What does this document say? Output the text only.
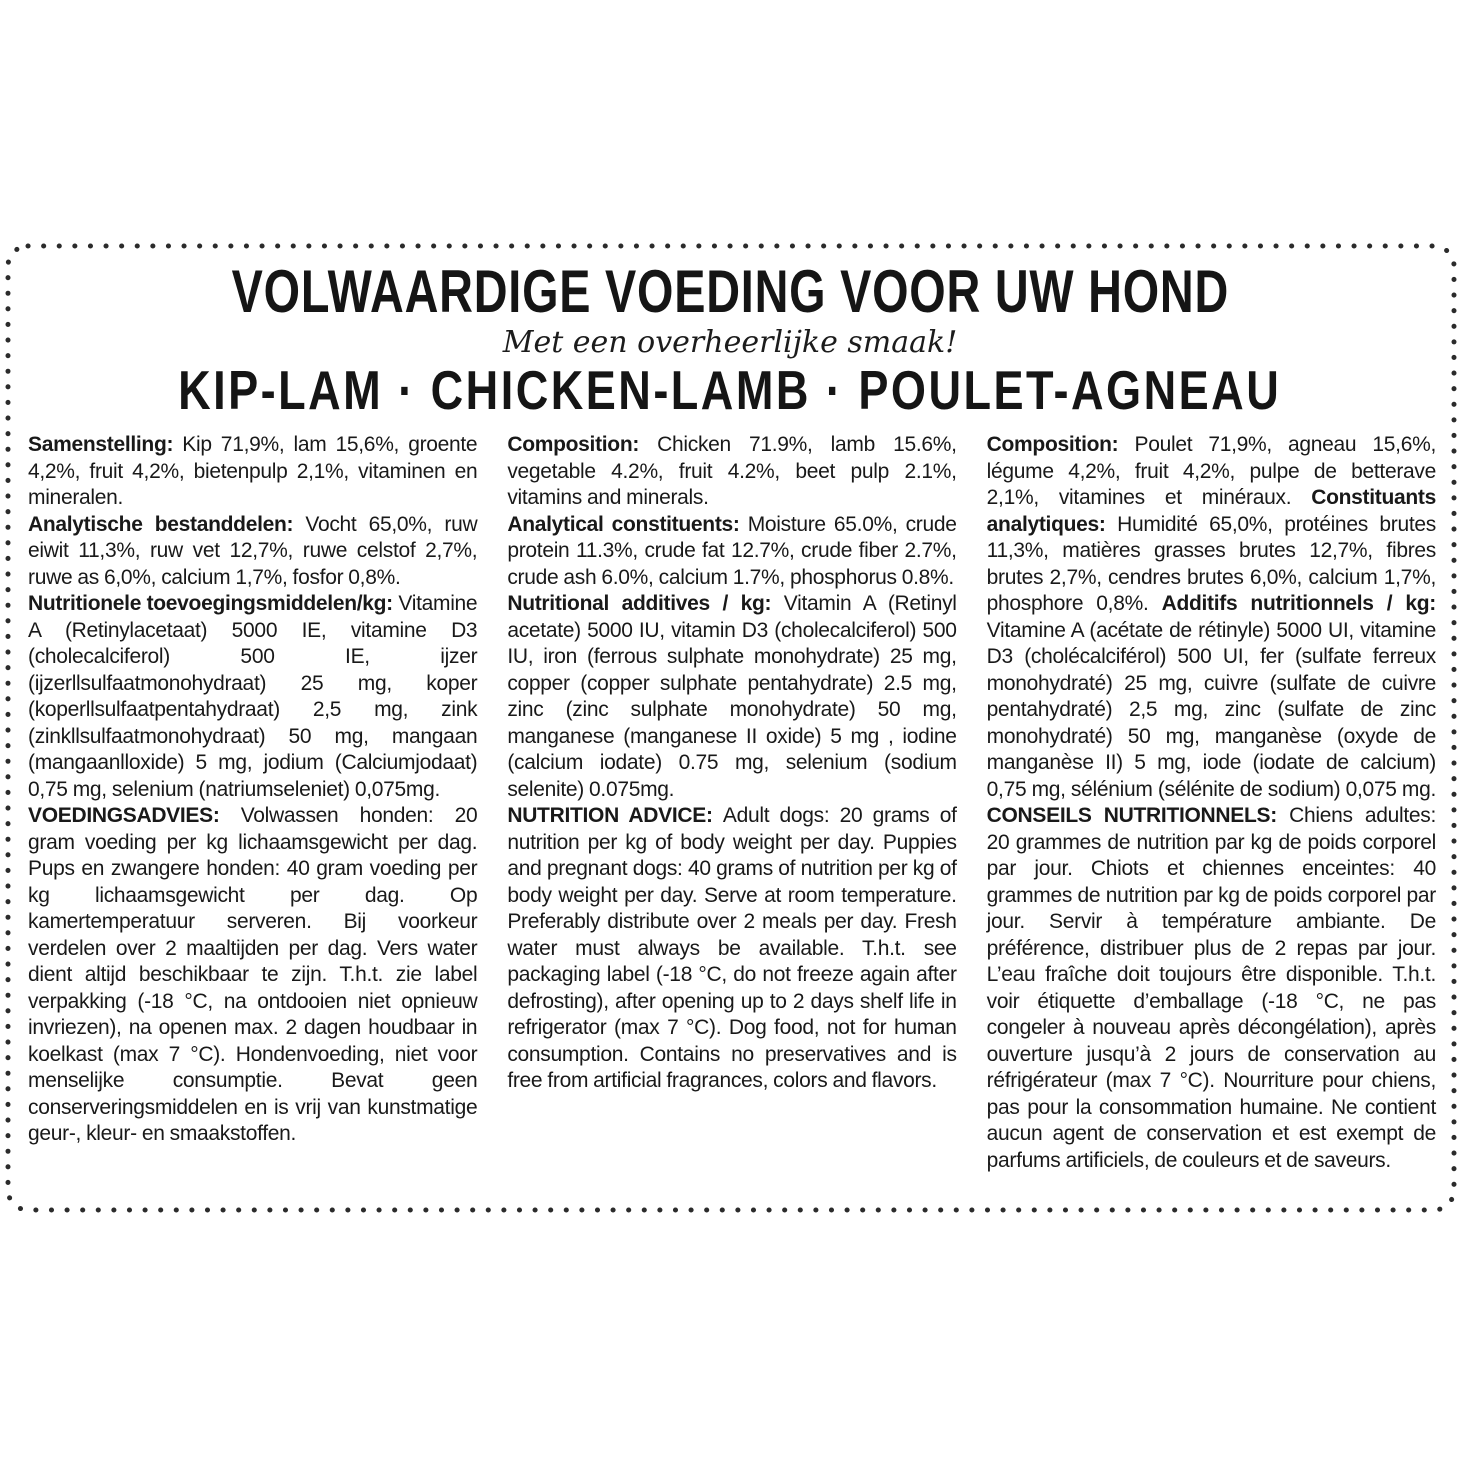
VOLWAARDIGE VOEDING VOOR UW HOND
Met een overheerlijke smaak!
KIP-LAM · CHICKEN-LAMB · POULET-AGNEAU

Samenstelling: Kip 71,9%, lam 15,6%, groente 4,2%, fruit 4,2%, bietenpulp 2,1%, vitaminen en mineralen.

Analytische bestanddelen: Vocht 65,0%, ruw eiwit 11,3%, ruw vet 12,7%, ruwe celstof 2,7%, ruwe as 6,0%, calcium 1,7%, fosfor 0,8%.

Nutritionele toevoegingsmiddelen/kg: Vitamine A (Retinylacetaat) 5000 IE, vitamine D3 (cholecalciferol) 500 IE, ijzer (ijzerllsulfaatmonohydraat) 25 mg, koper (koperllsulfaatpentahydraat) 2,5 mg, zink (zinkllsulfaatmonohydraat) 50 mg, mangaan (mangaanlloxide) 5 mg, jodium (Calciumjodaat) 0,75 mg, selenium (natriumseleniet) 0,075mg.

VOEDINGSADVIES: Volwassen honden: 20 gram voeding per kg lichaamsgewicht per dag. Pups en zwangere honden: 40 gram voeding per kg lichaamsgewicht per dag. Op kamertemperatuur serveren. Bij voorkeur verdelen over 2 maaltijden per dag. Vers water dient altijd beschikbaar te zijn. T.h.t. zie label verpakking (-18 °C, na ontdooien niet opnieuw invriezen), na openen max. 2 dagen houdbaar in koelkast (max 7 °C). Hondenvoeding, niet voor menselijke consumptie. Bevat geen conserveringsmiddelen en is vrij van kunstmatige geur-, kleur- en smaakstoffen.

Composition: Chicken 71.9%, lamb 15.6%, vegetable 4.2%, fruit 4.2%, beet pulp 2.1%, vitamins and minerals.

Analytical constituents: Moisture 65.0%, crude protein 11.3%, crude fat 12.7%, crude fiber 2.7%, crude ash 6.0%, calcium 1.7%, phosphorus 0.8%.

Nutritional additives / kg: Vitamin A (Retinyl acetate) 5000 IU, vitamin D3 (cholecalciferol) 500 IU, iron (ferrous sulphate monohydrate) 25 mg, copper (copper sulphate pentahydrate) 2.5 mg, zinc (zinc sulphate monohydrate) 50 mg, manganese (manganese II oxide) 5 mg , iodine (calcium iodate) 0.75 mg, selenium (sodium selenite) 0.075mg.

NUTRITION ADVICE: Adult dogs: 20 grams of nutrition per kg of body weight per day. Puppies and pregnant dogs: 40 grams of nutrition per kg of body weight per day. Serve at room temperature. Preferably distribute over 2 meals per day. Fresh water must always be available. T.h.t. see packaging label (-18 °C, do not freeze again after defrosting), after opening up to 2 days shelf life in refrigerator (max 7 °C). Dog food, not for human consumption. Contains no preservatives and is free from artificial fragrances, colors and flavors.

Composition: Poulet 71,9%, agneau 15,6%, légume 4,2%, fruit 4,2%, pulpe de betterave 2,1%, vitamines et minéraux. Constituants analytiques: Humidité 65,0%, protéines brutes 11,3%, matières grasses brutes 12,7%, fibres brutes 2,7%, cendres brutes 6,0%, calcium 1,7%, phosphore 0,8%. Additifs nutritionnels / kg: Vitamine A (acétate de rétinyle) 5000 UI, vitamine D3 (cholécalciférol) 500 UI, fer (sulfate ferreux monohydraté) 25 mg, cuivre (sulfate de cuivre pentahydraté) 2,5 mg, zinc (sulfate de zinc monohydraté) 50 mg, manganèse (oxyde de manganèse II) 5 mg, iode (iodate de calcium) 0,75 mg, sélénium (sélénite de sodium) 0,075 mg. CONSEILS NUTRITIONNELS: Chiens adultes: 20 grammes de nutrition par kg de poids corporel par jour. Chiots et chiennes enceintes: 40 grammes de nutrition par kg de poids corporel par jour. Servir à température ambiante. De préférence, distribuer plus de 2 repas par jour. L’eau fraîche doit toujours être disponible. T.h.t. voir étiquette d’emballage (-18 °C, ne pas congeler à nouveau après décongélation), après ouverture jusqu’à 2 jours de conservation au réfrigérateur (max 7 °C). Nourriture pour chiens, pas pour la consommation humaine. Ne contient aucun agent de conservation et est exempt de parfums artificiels, de couleurs et de saveurs.
